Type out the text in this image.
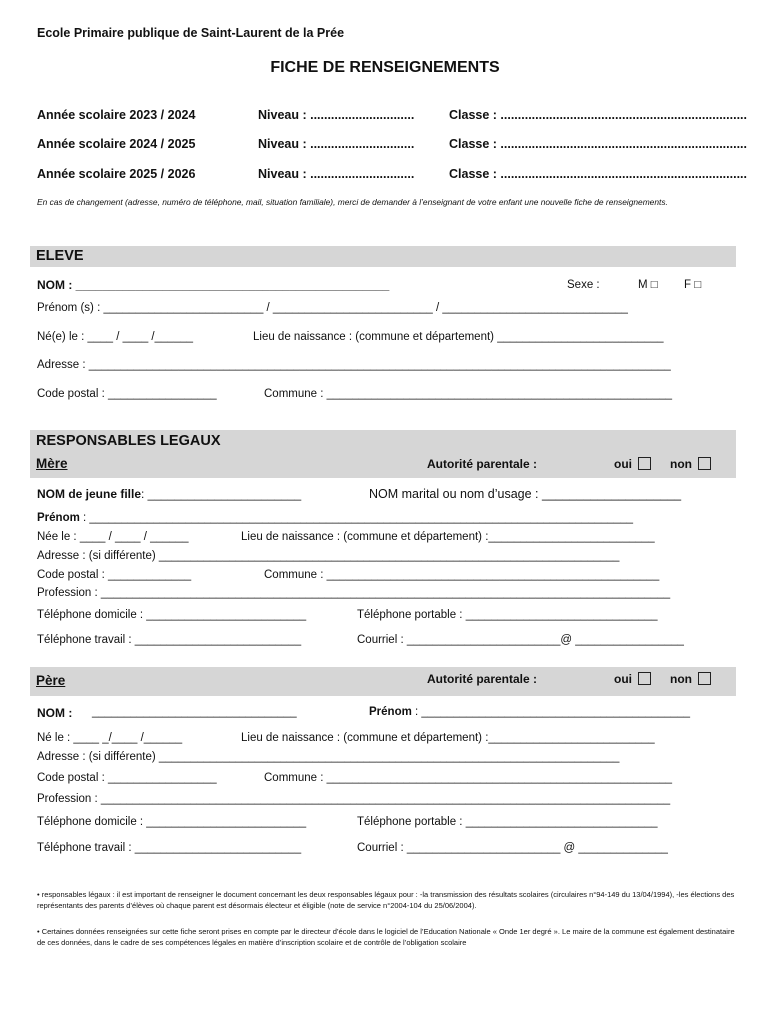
Ecole Primaire publique de Saint-Laurent de la Prée
FICHE DE RENSEIGNEMENTS
Année scolaire 2023 / 2024	Niveau : ..............................	Classe : .......................................................................
Année scolaire 2024 / 2025	Niveau : ..............................	Classe : .......................................................................
Année scolaire 2025 / 2026	Niveau : ..............................	Classe : .......................................................................
En cas de changement (adresse, numéro de téléphone, mail, situation familiale), merci de demander à l’enseignant de votre enfant une nouvelle fiche de renseignements.
ELEVE
NOM : _______________________________________________	Sexe :	M □ F □
Prénom (s) : _________________________ / _________________________ / _____________________________
Né(e) le : ____ / ____ /______	Lieu de naissance : (commune et département) __________________________
Adresse : ___________________________________________________________________________________________
Code postal : _________________	Commune : ______________________________________________________
RESPONSABLES LEGAUX
Mère	Autorité parentale :	oui	non
NOM de jeune fille: _______________________	NOM marital ou nom d’usage : ____________________
Prénom : _____________________________________________________________________________________
Née le : ____ / ____ / ______	Lieu de naissance : (commune et département) :__________________________
Adresse : (si différente) ________________________________________________________________________
Code postal : _____________	Commune : ____________________________________________________
Profession : _________________________________________________________________________________________
Téléphone domicile : _________________________	Téléphone portable : ______________________________
Téléphone travail : __________________________	Courriel : ________________________@ _________________
Père	Autorité parentale :	oui	non
NOM : ________________________________	Prénom : __________________________________________
Né le : ____ _/____ /______	Lieu de naissance : (commune et département) :__________________________
Adresse : (si différente) ________________________________________________________________________
Code postal : _________________	Commune : ______________________________________________________
Profession : _________________________________________________________________________________________
Téléphone domicile : _________________________	Téléphone portable : ______________________________
Téléphone travail : __________________________	Courriel : ________________________ @ ______________
• responsables légaux : il est important de renseigner le document concernant les deux responsables légaux pour : -la transmission des résultats scolaires (circulaires n°94-149 du 13/04/1994), -les élections des représentants des parents d’élèves où chaque parent est désormais électeur et éligible (note de service n°2004-104 du 25/06/2004).
• Certaines données renseignées sur cette fiche seront prises en compte par le directeur d’école dans le logiciel de l’Education Nationale « Onde 1er degré ». Le maire de la commune est également destinataire de ces données, dans le cadre de ses compétences légales en matière d’inscription scolaire et de contrôle de l’obligation scolaire
